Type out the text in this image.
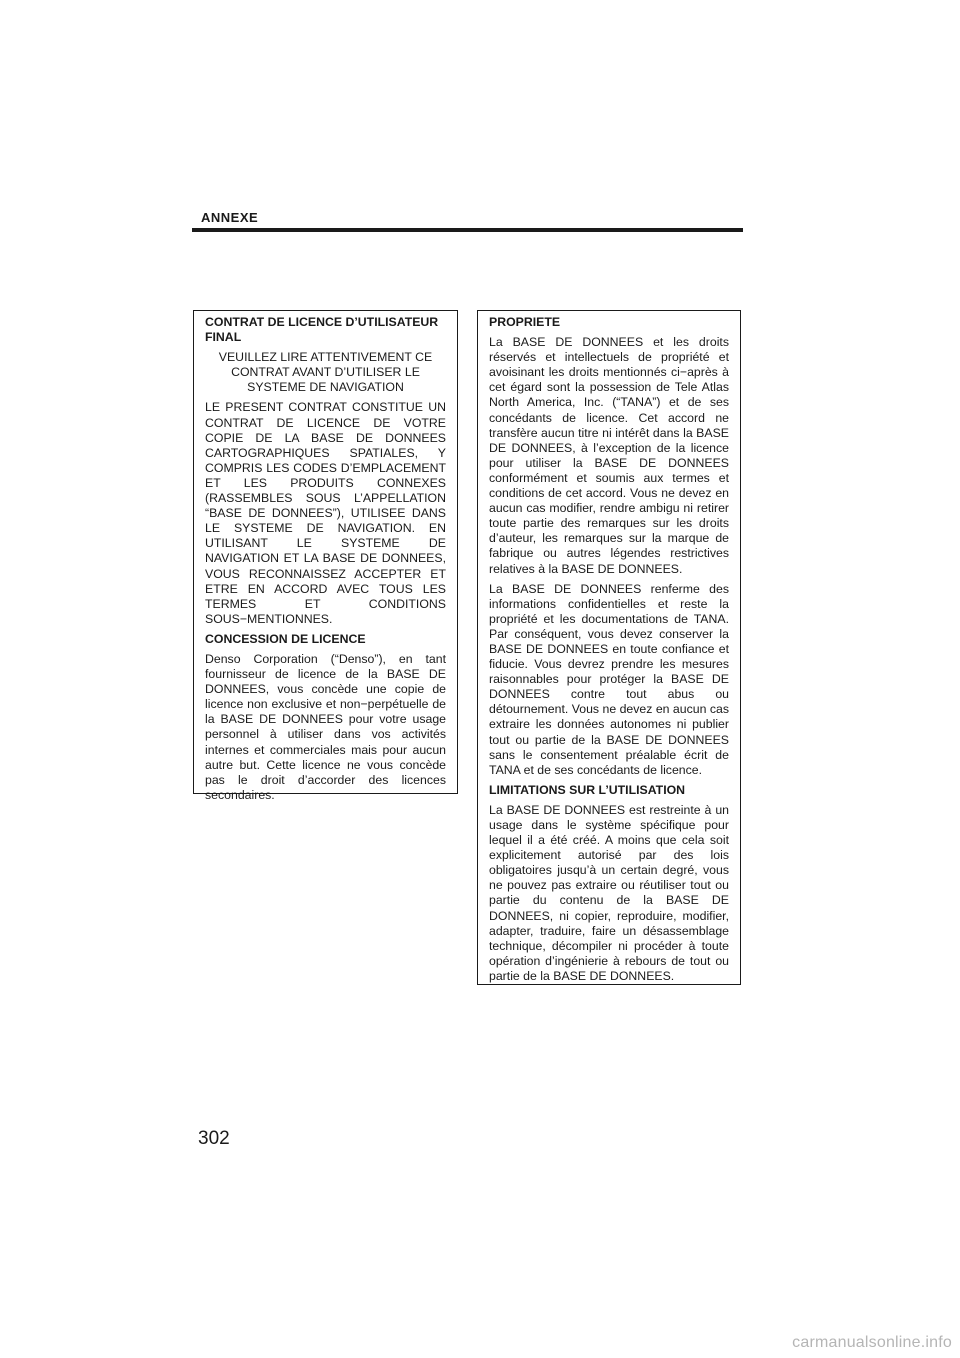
ANNEXE

CONTRAT DE LICENCE D’UTILISATEUR FINAL

VEUILLEZ LIRE ATTENTIVEMENT CE CONTRAT AVANT D’UTILISER LE SYSTEME DE NAVIGATION

LE PRESENT CONTRAT CONSTITUE UN CONTRAT DE LICENCE DE VOTRE COPIE DE LA BASE DE DONNEES CARTOGRAPHIQUES SPATIALES, Y COMPRIS LES CODES D’EMPLACEMENT ET LES PRODUITS CONNEXES (RASSEMBLES SOUS L’APPELLATION “BASE DE DONNEES”), UTILISEE DANS LE SYSTEME DE NAVIGATION. EN UTILISANT LE SYSTEME DE NAVIGATION ET LA BASE DE DONNEES, VOUS RECONNAISSEZ ACCEPTER ET ETRE EN ACCORD AVEC TOUS LES TERMES ET CONDITIONS SOUS−MENTIONNES.

CONCESSION DE LICENCE

Denso Corporation (“Denso”), en tant fournisseur de licence de la BASE DE DONNEES, vous concède une copie de licence non exclusive et non−perpétuelle de la BASE DE DONNEES pour votre usage personnel à utiliser dans vos activités internes et commerciales mais pour aucun autre but. Cette licence ne vous concède pas le droit d’accorder des licences secondaires.

PROPRIETE

La BASE DE DONNEES et les droits réservés et intellectuels de propriété et avoisinant les droits mentionnés ci−après à cet égard sont la possession de Tele Atlas North America, Inc. (“TANA”) et de ses concédants de licence. Cet accord ne transfère aucun titre ni intérêt dans la BASE DE DONNEES, à l’exception de la licence pour utiliser la BASE DE DONNEES conformément et soumis aux termes et conditions de cet accord. Vous ne devez en aucun cas modifier, rendre ambigu ni retirer toute partie des remarques sur les droits d’auteur, les remarques sur la marque de fabrique ou autres légendes restrictives relatives à la BASE DE DONNEES.

La BASE DE DONNEES renferme des informations confidentielles et reste la propriété et les documentations de TANA. Par conséquent, vous devez conserver la BASE DE DONNEES en toute confiance et fiducie. Vous devrez prendre les mesures raisonnables pour protéger la BASE DE DONNEES contre tout abus ou détournement. Vous ne devez en aucun cas extraire les données autonomes ni publier tout ou partie de la BASE DE DONNEES sans le consentement préalable écrit de TANA et de ses concédants de licence.

LIMITATIONS SUR L’UTILISATION

La BASE DE DONNEES est restreinte à un usage dans le système spécifique pour lequel il a été créé. A moins que cela soit explicitement autorisé par des lois obligatoires jusqu’à un certain degré, vous ne pouvez pas extraire ou réutiliser tout ou partie du contenu de la BASE DE DONNEES, ni copier, reproduire, modifier, adapter, traduire, faire un désassemblage technique, décompiler ni procéder à toute opération d’ingénierie à rebours de tout ou partie de la BASE DE DONNEES.

302
carmanualsonline.info
